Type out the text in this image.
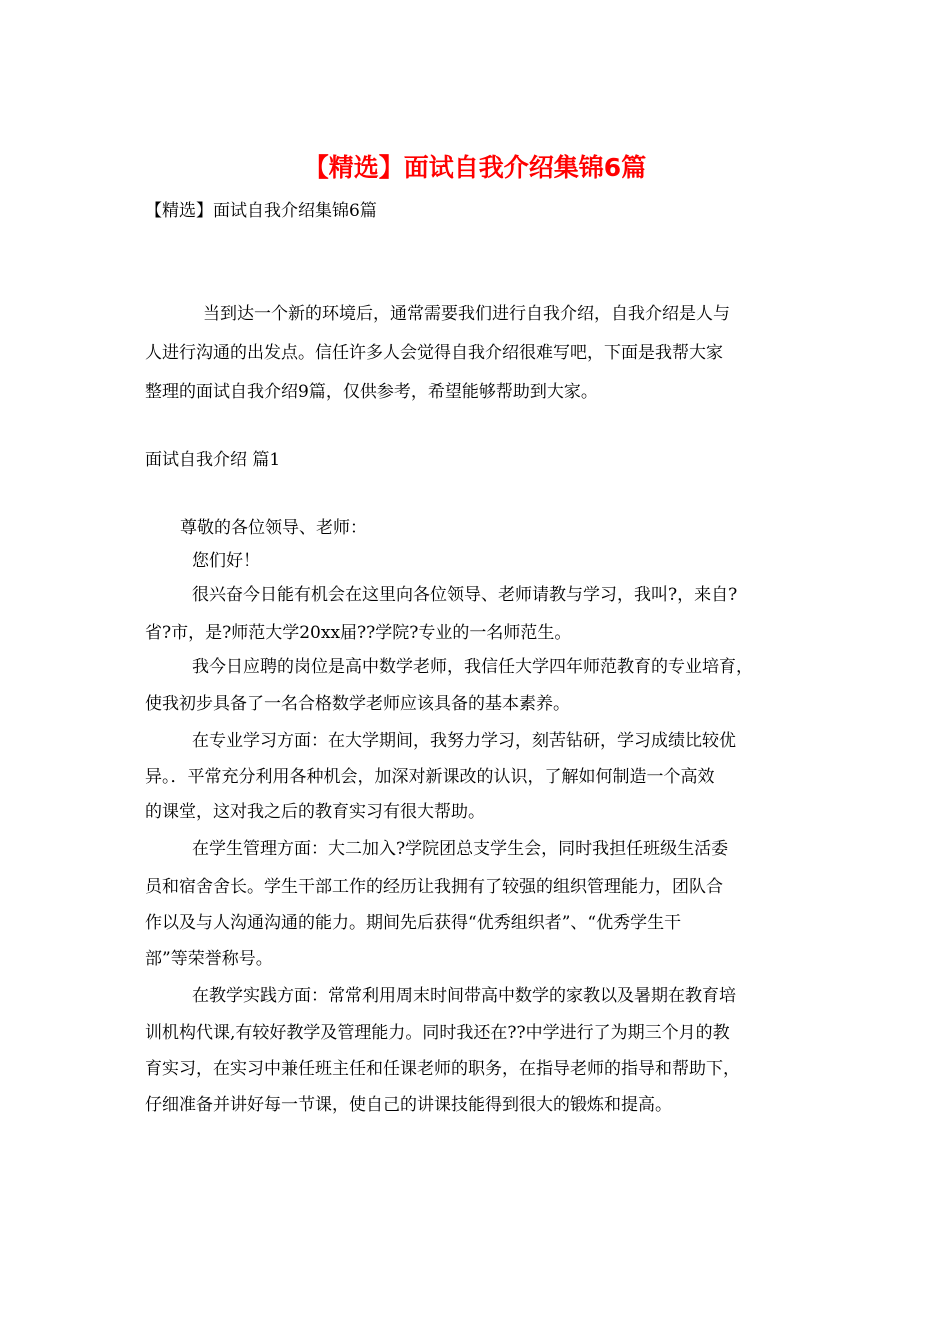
【精选】面试自我介绍集锦6篇
【精选】面试自我介绍集锦6篇
当到达一个新的环境后，通常需要我们进行自我介绍，自我介绍是人与
人进行沟通的出发点。信任许多人会觉得自我介绍很难写吧，下面是我帮大家
整理的面试自我介绍9篇，仅供参考，希望能够帮助到大家。
面试自我介绍 篇1
尊敬的各位领导、老师：
您们好！
很兴奋今日能有机会在这里向各位领导、老师请教与学习，我叫?，来自?
省?市，是?师范大学20xx届??学院?专业的一名师范生。
我今日应聘的岗位是高中数学老师，我信任大学四年师范教育的专业培育，
使我初步具备了一名合格数学老师应该具备的基本素养。
在专业学习方面：在大学期间，我努力学习，刻苦钻研，学习成绩比较优
异。．平常充分利用各种机会，加深对新课改的认识，了解如何制造一个高效
的课堂，这对我之后的教育实习有很大帮助。
在学生管理方面：大二加入?学院团总支学生会，同时我担任班级生活委
员和宿舍舍长。学生干部工作的经历让我拥有了较强的组织管理能力，团队合
作以及与人沟通沟通的能力。期间先后获得“优秀组织者”、“优秀学生干
部”等荣誉称号。
在教学实践方面：常常利用周末时间带高中数学的家教以及暑期在教育培
训机构代课,有较好教学及管理能力。同时我还在??中学进行了为期三个月的教
育实习，在实习中兼任班主任和任课老师的职务，在指导老师的指导和帮助下，
仔细准备并讲好每一节课，使自己的讲课技能得到很大的锻炼和提高。
